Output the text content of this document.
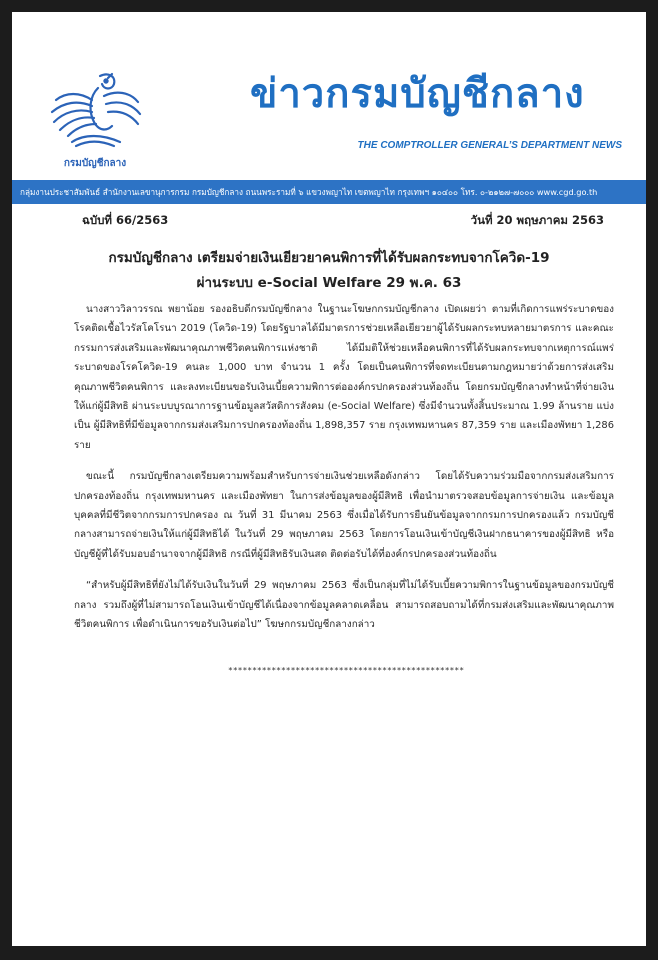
กรมบัญชีกลาง
ข่าวกรมบัญชีกลาง
THE COMPTROLLER GENERAL’S DEPARTMENT NEWS
กลุ่มงานประชาสัมพันธ์ สำนักงานเลขานุการกรม กรมบัญชีกลาง ถนนพระรามที่ ๖ แขวงพญาไท เขตพญาไท กรุงเทพฯ ๑๐๔๐๐ โทร. ๐-๒๑๒๗-๗๐๐๐ www.cgd.go.th
ฉบับที่ 66/2563	วันที่ 20 พฤษภาคม 2563
กรมบัญชีกลาง เตรียมจ่ายเงินเยียวยาคนพิการที่ได้รับผลกระทบจากโควิด-19
ผ่านระบบ e-Social Welfare 29 พ.ค. 63

นางสาววิลาวรรณ พยาน้อย รองอธิบดีกรมบัญชีกลาง ในฐานะโฆษกกรมบัญชีกลาง เปิดเผยว่า ตามที่เกิดการแพร่ระบาดของโรคติดเชื้อไวรัสโคโรนา 2019 (โควิด-19) โดยรัฐบาลได้มีมาตรการช่วยเหลือเยียวยาผู้ได้รับผลกระทบหลายมาตรการ และคณะกรรมการส่งเสริมและพัฒนาคุณภาพชีวิตคนพิการแห่งชาติ ได้มีมติให้ช่วยเหลือคนพิการที่ได้รับผลกระทบจากเหตุการณ์แพร่ระบาดของโรคโควิด-19 คนละ 1,000 บาท จำนวน 1 ครั้ง โดยเป็นคนพิการที่จดทะเบียนตามกฎหมายว่าด้วยการส่งเสริมคุณภาพชีวิตคนพิการ และลงทะเบียนขอรับเงินเบี้ยความพิการต่อองค์กรปกครองส่วนท้องถิ่น โดยกรมบัญชีกลางทำหน้าที่จ่ายเงินให้แก่ผู้มีสิทธิ ผ่านระบบบูรณาการฐานข้อมูลสวัสดิการสังคม (e-Social Welfare) ซึ่งมีจำนวนทั้งสิ้นประมาณ 1.99 ล้านราย แบ่งเป็น ผู้มีสิทธิที่มีข้อมูลจากกรมส่งเสริมการปกครองท้องถิ่น 1,898,357 ราย กรุงเทพมหานคร 87,359 ราย และเมืองพัทยา 1,286 ราย

ขณะนี้ กรมบัญชีกลางเตรียมความพร้อมสำหรับการจ่ายเงินช่วยเหลือดังกล่าว โดยได้รับความร่วมมือจากกรมส่งเสริมการปกครองท้องถิ่น กรุงเทพมหานคร และเมืองพัทยา ในการส่งข้อมูลของผู้มีสิทธิ เพื่อนำมาตรวจสอบข้อมูลการจ่ายเงิน และข้อมูลบุคคลที่มีชีวิตจากกรมการปกครอง ณ วันที่ 31 มีนาคม 2563 ซึ่งเมื่อได้รับการยืนยันข้อมูลจากกรมการปกครองแล้ว กรมบัญชีกลางสามารถจ่ายเงินให้แก่ผู้มีสิทธิได้ ในวันที่ 29 พฤษภาคม 2563 โดยการโอนเงินเข้าบัญชีเงินฝากธนาคารของผู้มีสิทธิ หรือบัญชีผู้ที่ได้รับมอบอำนาจจากผู้มีสิทธิ กรณีที่ผู้มีสิทธิรับเงินสด ติดต่อรับได้ที่องค์กรปกครองส่วนท้องถิ่น

“สำหรับผู้มีสิทธิที่ยังไม่ได้รับเงินในวันที่ 29 พฤษภาคม 2563 ซึ่งเป็นกลุ่มที่ไม่ได้รับเบี้ยความพิการในฐานข้อมูลของกรมบัญชีกลาง รวมถึงผู้ที่ไม่สามารถโอนเงินเข้าบัญชีได้เนื่องจากข้อมูลคลาดเคลื่อน สามารถสอบถามได้ที่กรมส่งเสริมและพัฒนาคุณภาพชีวิตคนพิการ เพื่อดำเนินการขอรับเงินต่อไป” โฆษกกรมบัญชีกลางกล่าว

*************************************************
